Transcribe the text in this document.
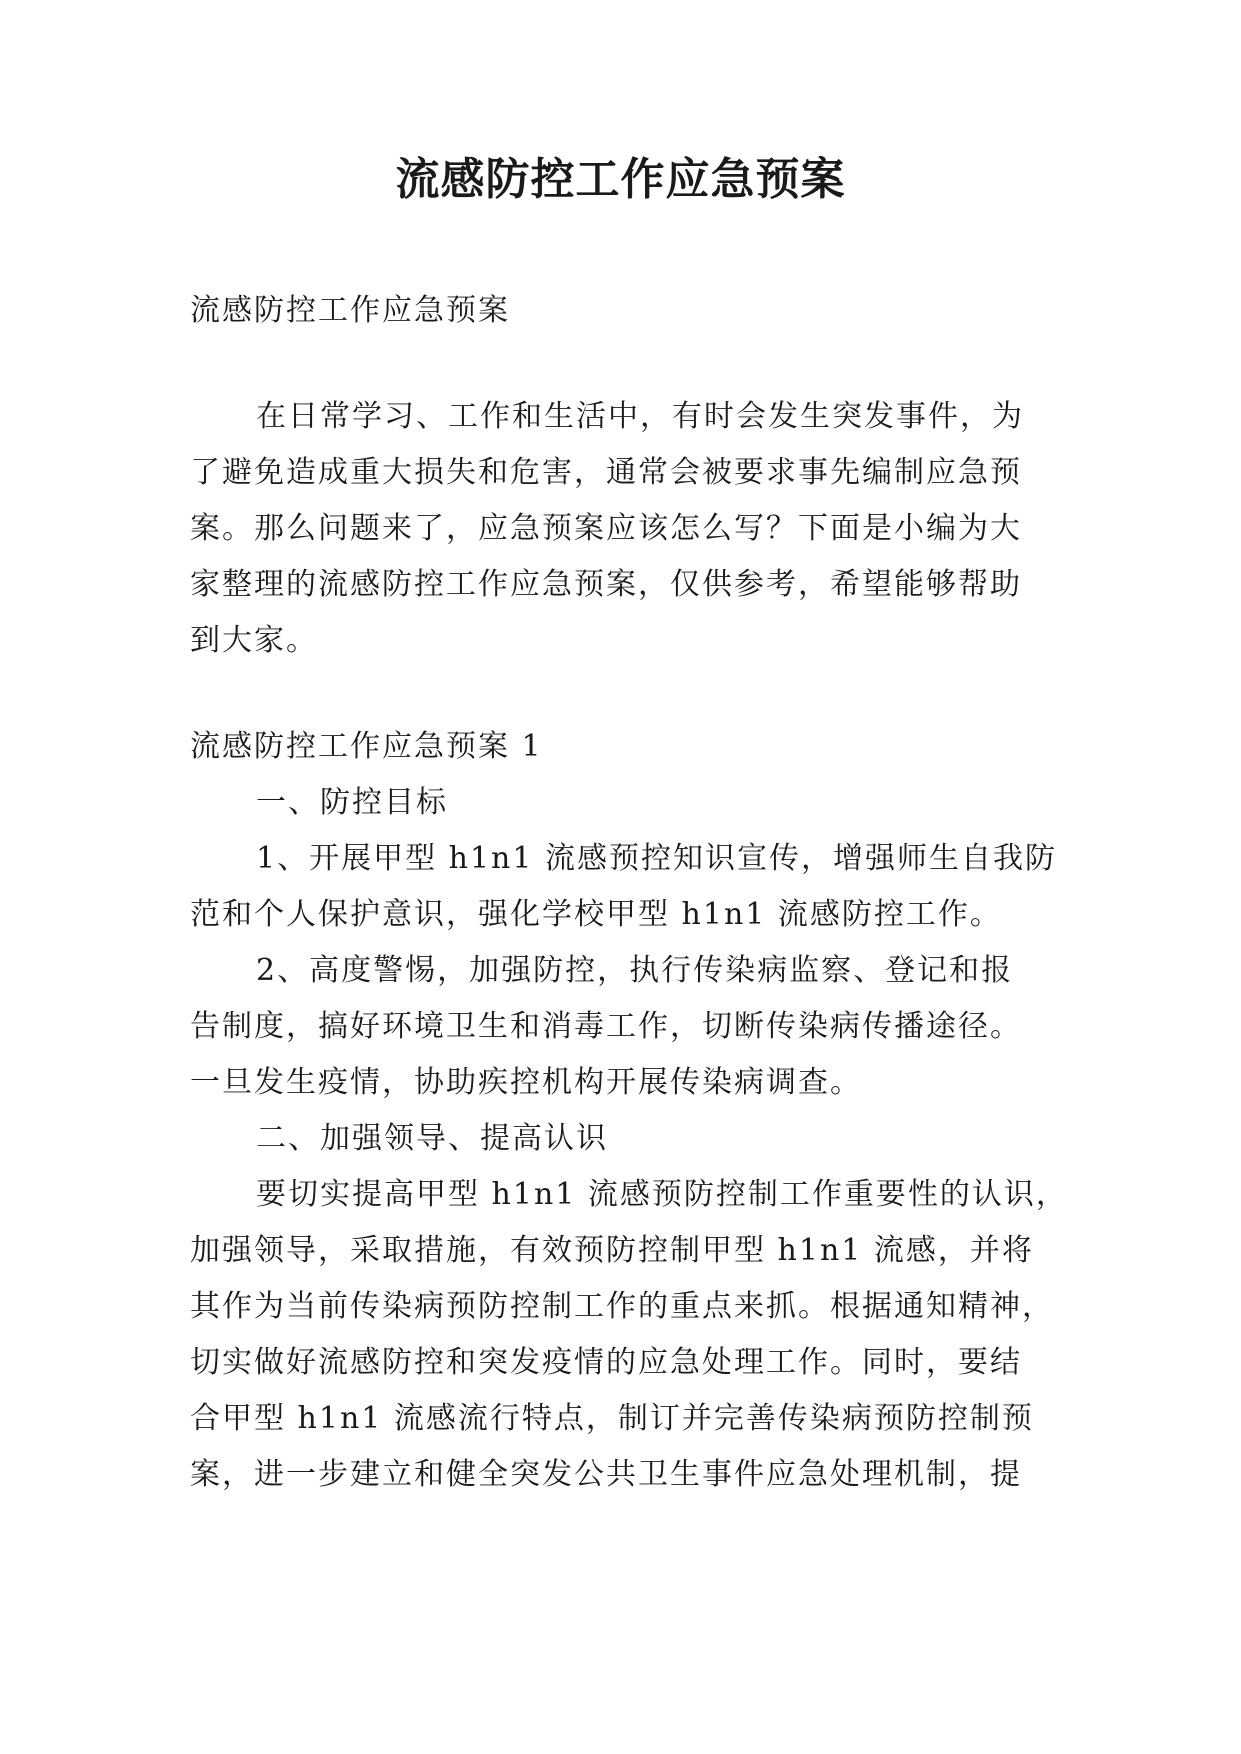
流感防控工作应急预案
流感防控工作应急预案
在日常学习、工作和生活中，有时会发生突发事件，为
了避免造成重大损失和危害，通常会被要求事先编制应急预
案。那么问题来了，应急预案应该怎么写？下面是小编为大
家整理的流感防控工作应急预案，仅供参考，希望能够帮助
到大家。
流感防控工作应急预案 1
一、防控目标
1、开展甲型 h1n1 流感预控知识宣传，增强师生自我防
范和个人保护意识，强化学校甲型 h1n1 流感防控工作。
2、高度警惕，加强防控，执行传染病监察、登记和报
告制度，搞好环境卫生和消毒工作，切断传染病传播途径。
一旦发生疫情，协助疾控机构开展传染病调查。
二、加强领导、提高认识
要切实提高甲型 h1n1 流感预防控制工作重要性的认识，
加强领导，采取措施，有效预防控制甲型 h1n1 流感，并将
其作为当前传染病预防控制工作的重点来抓。根据通知精神，
切实做好流感防控和突发疫情的应急处理工作。同时，要结
合甲型 h1n1 流感流行特点，制订并完善传染病预防控制预
案，进一步建立和健全突发公共卫生事件应急处理机制，提
